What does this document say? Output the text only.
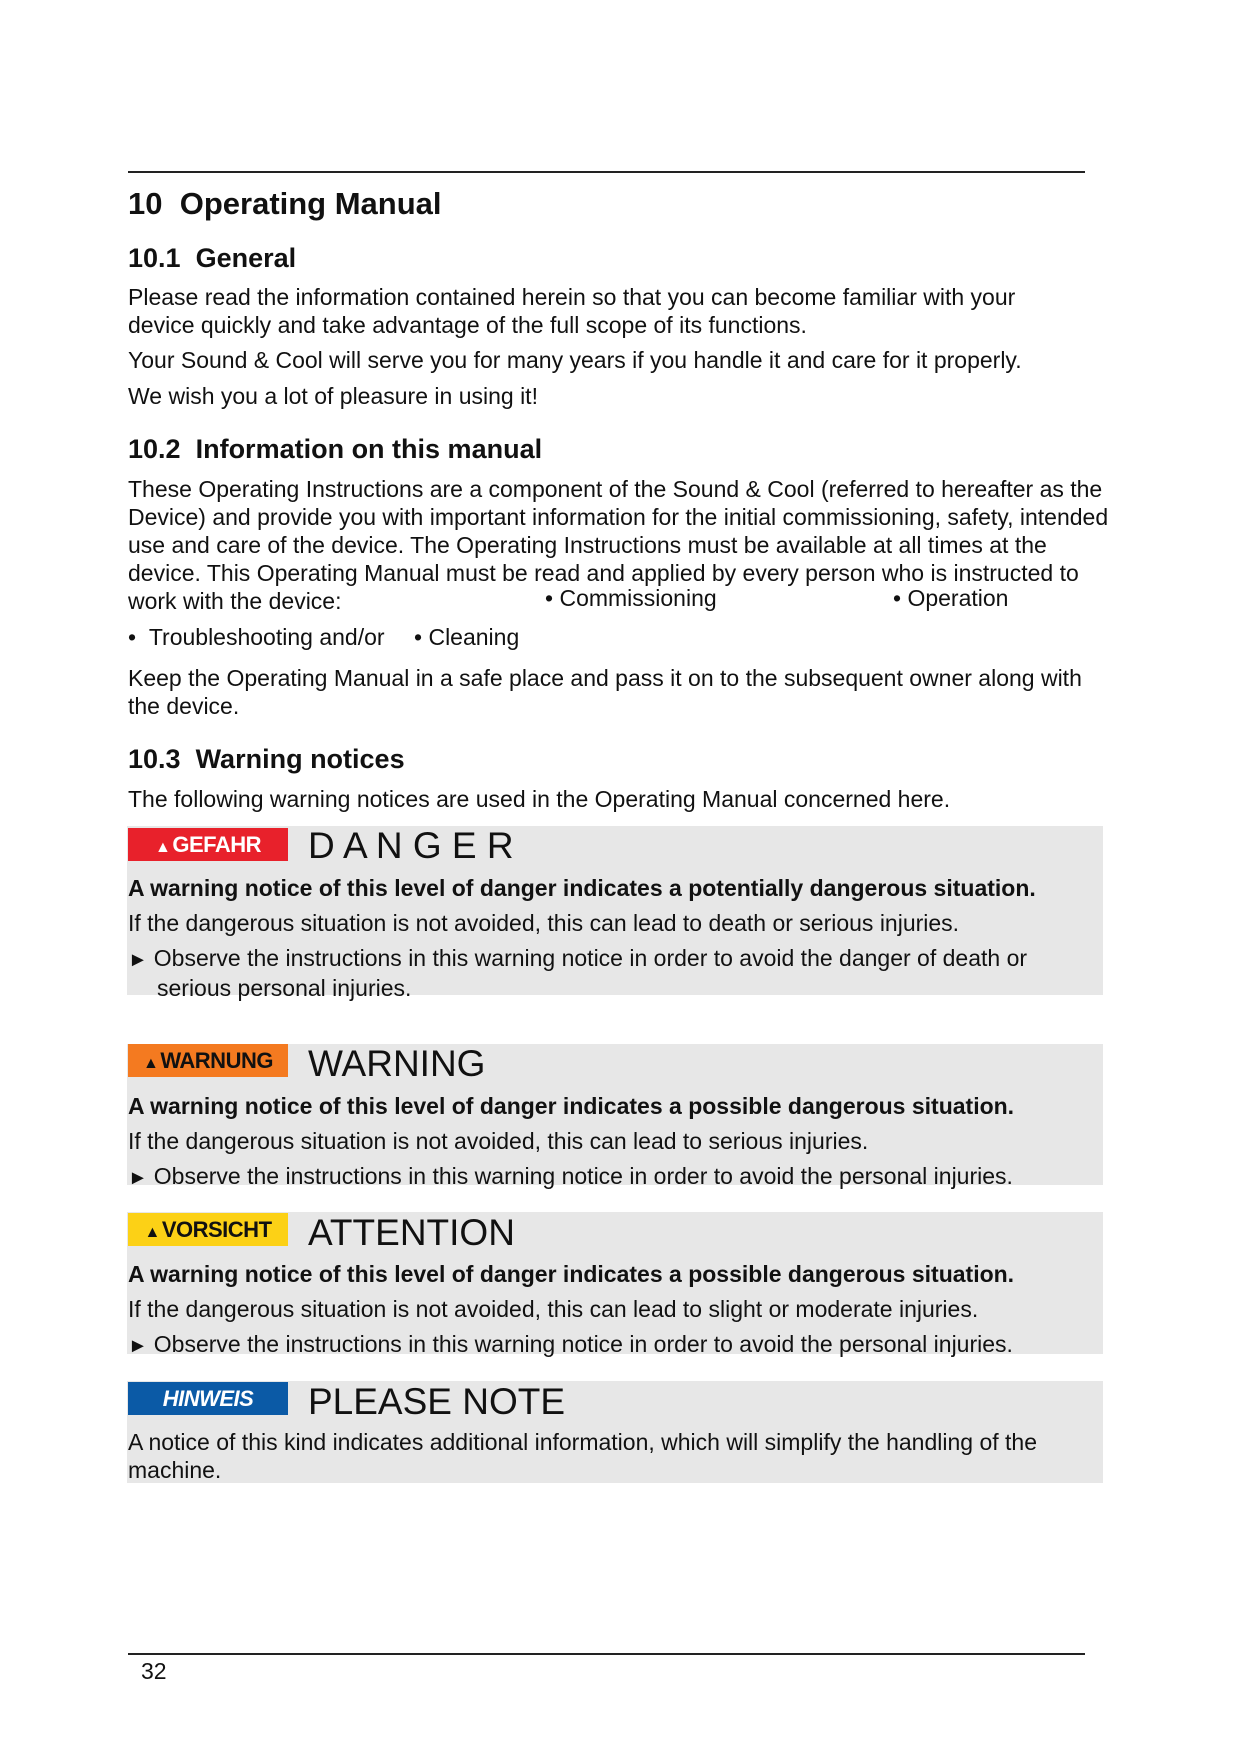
10 Operating Manual
10.1 General

Please read the information contained herein so that you can become familiar with your device quickly and take advantage of the full scope of its functions.

Your Sound & Cool will serve you for many years if you handle it and care for it properly.

We wish you a lot of pleasure in using it!

10.2 Information on this manual

These Operating Instructions are a component of the Sound & Cool (referred to hereafter as the Device) and provide you with important information for the initial commissioning, safety, intended use and care of the device. The Operating Instructions must be available at all times at the device. This Operating Manual must be read and applied by every person who is instructed to work with the device:	• Commissioning	• Operation
•  Troubleshooting and/or • Cleaning

Keep the Operating Manual in a safe place and pass it on to the subsequent owner along with the device.

10.3 Warning notices

The following warning notices are used in the Operating Manual concerned here.

▲GEFAHR	D A N G E R
A warning notice of this level of danger indicates a potentially dangerous situation.
If the dangerous situation is not avoided, this can lead to death or serious injuries.
► Observe the instructions in this warning notice in order to avoid the danger of death or serious personal injuries.
▲WARNUNG WARNING
A warning notice of this level of danger indicates a possible dangerous situation.
If the dangerous situation is not avoided, this can lead to serious injuries.
► Observe the instructions in this warning notice in order to avoid the personal injuries.
▲VORSICHT ATTENTION
A warning notice of this level of danger indicates a possible dangerous situation.
If the dangerous situation is not avoided, this can lead to slight or moderate injuries.
► Observe the instructions in this warning notice in order to avoid the personal injuries.
HINWEIS	PLEASE NOTE
A notice of this kind indicates additional information, which will simplify the handling of the machine.
32
